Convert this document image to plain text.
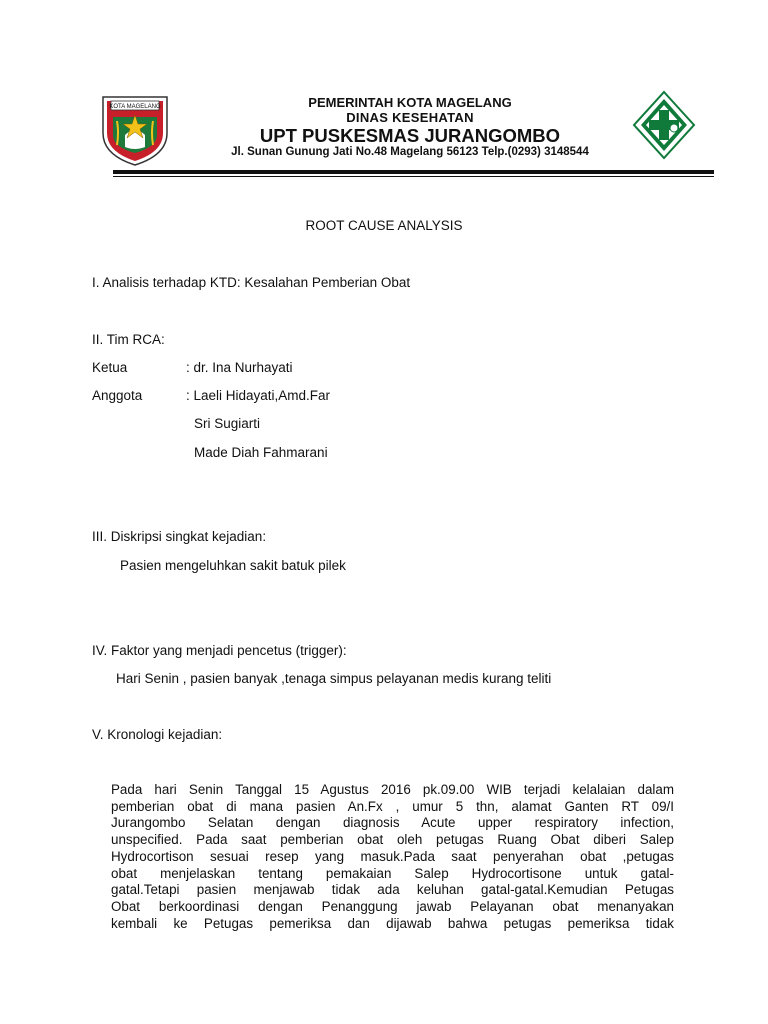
KOTA MAGELANG	PEMERINTAH KOTA MAGELANG
DINAS KESEHATAN
UPT PUSKESMAS JURANGOMBO
Jl. Sunan Gunung Jati No.48 Magelang 56123 Telp.(0293) 3148544
ROOT CAUSE ANALYSIS
I. Analisis terhadap KTD: Kesalahan Pemberian Obat
II. Tim RCA:
Ketua	: dr. Ina Nurhayati
Anggota	: Laeli Hidayati,Amd.Far
Sri Sugiarti
Made Diah Fahmarani
III. Diskripsi singkat kejadian:
Pasien mengeluhkan sakit batuk pilek
IV. Faktor yang menjadi pencetus (trigger):
Hari Senin , pasien banyak ,tenaga simpus pelayanan medis kurang teliti
V. Kronologi kejadian:
Pada hari Senin Tanggal 15 Agustus 2016 pk.09.00 WIB terjadi kelalaian dalam
pemberian obat di mana pasien An.Fx , umur 5 thn, alamat Ganten RT 09/I
Jurangombo Selatan dengan diagnosis Acute upper respiratory infection,
unspecified. Pada saat pemberian obat oleh petugas Ruang Obat diberi Salep
Hydrocortison sesuai resep yang masuk.Pada saat penyerahan obat ,petugas
obat menjelaskan tentang pemakaian Salep Hydrocortisone untuk gatal-
gatal.Tetapi pasien menjawab tidak ada keluhan gatal-gatal.Kemudian Petugas
Obat berkoordinasi dengan Penanggung jawab Pelayanan obat menanyakan
kembali ke Petugas pemeriksa dan dijawab bahwa petugas pemeriksa tidak
